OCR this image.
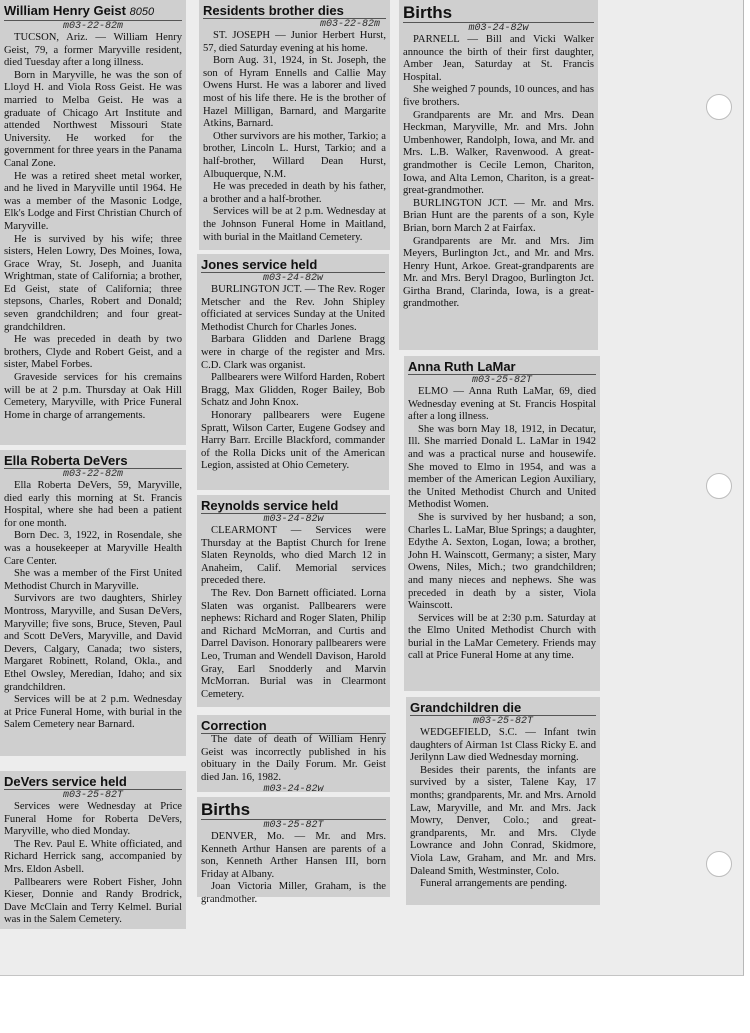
William Henry Geist 8050
m03-22-82m

TUCSON, Ariz. — William Henry Geist, 79, a former Maryville resident, died Tuesday after a long illness.

Born in Maryville, he was the son of Lloyd H. and Viola Ross Geist. He was married to Melba Geist. He was a graduate of Chicago Art Institute and attended Northwest Missouri State University. He worked for the government for three years in the Panama Canal Zone.

He was a retired sheet metal worker, and he lived in Maryville until 1964. He was a member of the Masonic Lodge, Elk's Lodge and First Christian Church of Maryville.

He is survived by his wife; three sisters, Helen Lowry, Des Moines, Iowa, Grace Wray, St. Joseph, and Juanita Wrightman, state of California; a brother, Ed Geist, state of California; three stepsons, Charles, Robert and Donald; seven grandchildren; and four great-grandchildren.

He was preceded in death by two brothers, Clyde and Robert Geist, and a sister, Mabel Forbes.

Graveside services for his cremains will be at 2 p.m. Thursday at Oak Hill Cemetery, Maryville, with Price Funeral Home in charge of arrangements.

Ella Roberta DeVers
m03-22-82m

Ella Roberta DeVers, 59, Maryville, died early this morning at St. Francis Hospital, where she had been a patient for one month.

Born Dec. 3, 1922, in Rosendale, she was a housekeeper at Maryville Health Care Center.

She was a member of the First United Methodist Church in Maryville.

Survivors are two daughters, Shirley Montross, Maryville, and Susan DeVers, Maryville; five sons, Bruce, Steven, Paul and Scott DeVers, Maryville, and David Devers, Calgary, Canada; two sisters, Margaret Robinett, Roland, Okla., and Ethel Owsley, Meredian, Idaho; and six grandchildren.

Services will be at 2 p.m. Wednesday at Price Funeral Home, with burial in the Salem Cemetery near Barnard.

DeVers service held
m03-25-82T

Services were Wednesday at Price Funeral Home for Roberta DeVers, Maryville, who died Monday.

The Rev. Paul E. White officiated, and Richard Herrick sang, accompanied by Mrs. Eldon Asbell.

Pallbearers were Robert Fisher, John Kieser, Donnie and Randy Brodrick, Dave McClain and Terry Kelmel. Burial was in the Salem Cemetery.

Residents brother dies
m03-22-82m

ST. JOSEPH — Junior Herbert Hurst, 57, died Saturday evening at his home.

Born Aug. 31, 1924, in St. Joseph, the son of Hyram Ennells and Callie May Owens Hurst. He was a laborer and lived most of his life there. He is the brother of Hazel Milligan, Barnard, and Margarite Atkins, Barnard.

Other survivors are his mother, Tarkio; a brother, Lincoln L. Hurst, Tarkio; and a half-brother, Willard Dean Hurst, Albuquerque, N.M.

He was preceded in death by his father, a brother and a half-brother.

Services will be at 2 p.m. Wednesday at the Johnson Funeral Home in Maitland, with burial in the Maitland Cemetery.

Jones service held
m03-24-82w

BURLINGTON JCT. — The Rev. Roger Metscher and the Rev. John Shipley officiated at services Sunday at the United Methodist Church for Charles Jones.

Barbara Glidden and Darlene Bragg were in charge of the register and Mrs. C.D. Clark was organist.

Pallbearers were Wilford Harden, Robert Bragg, Max Glidden, Roger Bailey, Bob Schatz and John Knox.

Honorary pallbearers were Eugene Spratt, Wilson Carter, Eugene Godsey and Harry Barr. Ercille Blackford, commander of the Rolla Dicks unit of the American Legion, assisted at Ohio Cemetery.

Reynolds service held
m03-24-82w

CLEARMONT — Services were Thursday at the Baptist Church for Irene Slaten Reynolds, who died March 12 in Anaheim, Calif. Memorial services preceded there.

The Rev. Don Barnett officiated. Lorna Slaten was organist. Pallbearers were nephews: Richard and Roger Slaten, Philip and Richard McMorran, and Curtis and Darrel Davison. Honorary pallbearers were Leo, Truman and Wendell Davison, Harold Gray, Earl Snodderly and Marvin McMorran. Burial was in Clearmont Cemetery.

Correction

The date of death of William Henry Geist was incorrectly published in his obituary in the Daily Forum. Mr. Geist died Jan. 16, 1982.

m03-24-82w
Births
m03-25-82T

DENVER, Mo. — Mr. and Mrs. Kenneth Arthur Hansen are parents of a son, Kenneth Arther Hansen III, born Friday at Albany.

Joan Victoria Miller, Graham, is the grandmother.

Births
m03-24-82w

PARNELL — Bill and Vicki Walker announce the birth of their first daughter, Amber Jean, Saturday at St. Francis Hospital.

She weighed 7 pounds, 10 ounces, and has five brothers.

Grandparents are Mr. and Mrs. Dean Heckman, Maryville, Mr. and Mrs. John Umbenhower, Randolph, Iowa, and Mr. and Mrs. L.B. Walker, Ravenwood. A great-grandmother is Cecile Lemon, Chariton, Iowa, and Alta Lemon, Chariton, is a great-great-grandmother.

BURLINGTON JCT. — Mr. and Mrs. Brian Hunt are the parents of a son, Kyle Brian, born March 2 at Fairfax.

Grandparents are Mr. and Mrs. Jim Meyers, Burlington Jct., and Mr. and Mrs. Henry Hunt, Arkoe. Great-grandparents are Mr. and Mrs. Beryl Dragoo, Burlington Jct. Girtha Brand, Clarinda, Iowa, is a great-grandmother.

Anna Ruth LaMar
m03-25-82T

ELMO — Anna Ruth LaMar, 69, died Wednesday evening at St. Francis Hospital after a long illness.

She was born May 18, 1912, in Decatur, Ill. She married Donald L. LaMar in 1942 and was a practical nurse and housewife. She moved to Elmo in 1954, and was a member of the American Legion Auxiliary, the United Methodist Church and United Methodist Women.

She is survived by her husband; a son, Charles L. LaMar, Blue Springs; a daughter, Edythe A. Sexton, Logan, Iowa; a brother, John H. Wainscott, Germany; a sister, Mary Owens, Niles, Mich.; two grandchildren; and many nieces and nephews. She was preceded in death by a sister, Viola Wainscott.

Services will be at 2:30 p.m. Saturday at the Elmo United Methodist Church with burial in the LaMar Cemetery. Friends may call at Price Funeral Home at any time.

Grandchildren die
m03-25-82T

WEDGEFIELD, S.C. — Infant twin daughters of Airman 1st Class Ricky E. and Jerilynn Law died Wednesday morning.

Besides their parents, the infants are survived by a sister, Talene Kay, 17 months; grandparents, Mr. and Mrs. Arnold Law, Maryville, and Mr. and Mrs. Jack Mowry, Denver, Colo.; and great-grandparents, Mr. and Mrs. Clyde Lowrance and John Conrad, Skidmore, Viola Law, Graham, and Mr. and Mrs. Daleand Smith, Westminster, Colo.

Funeral arrangements are pending.
